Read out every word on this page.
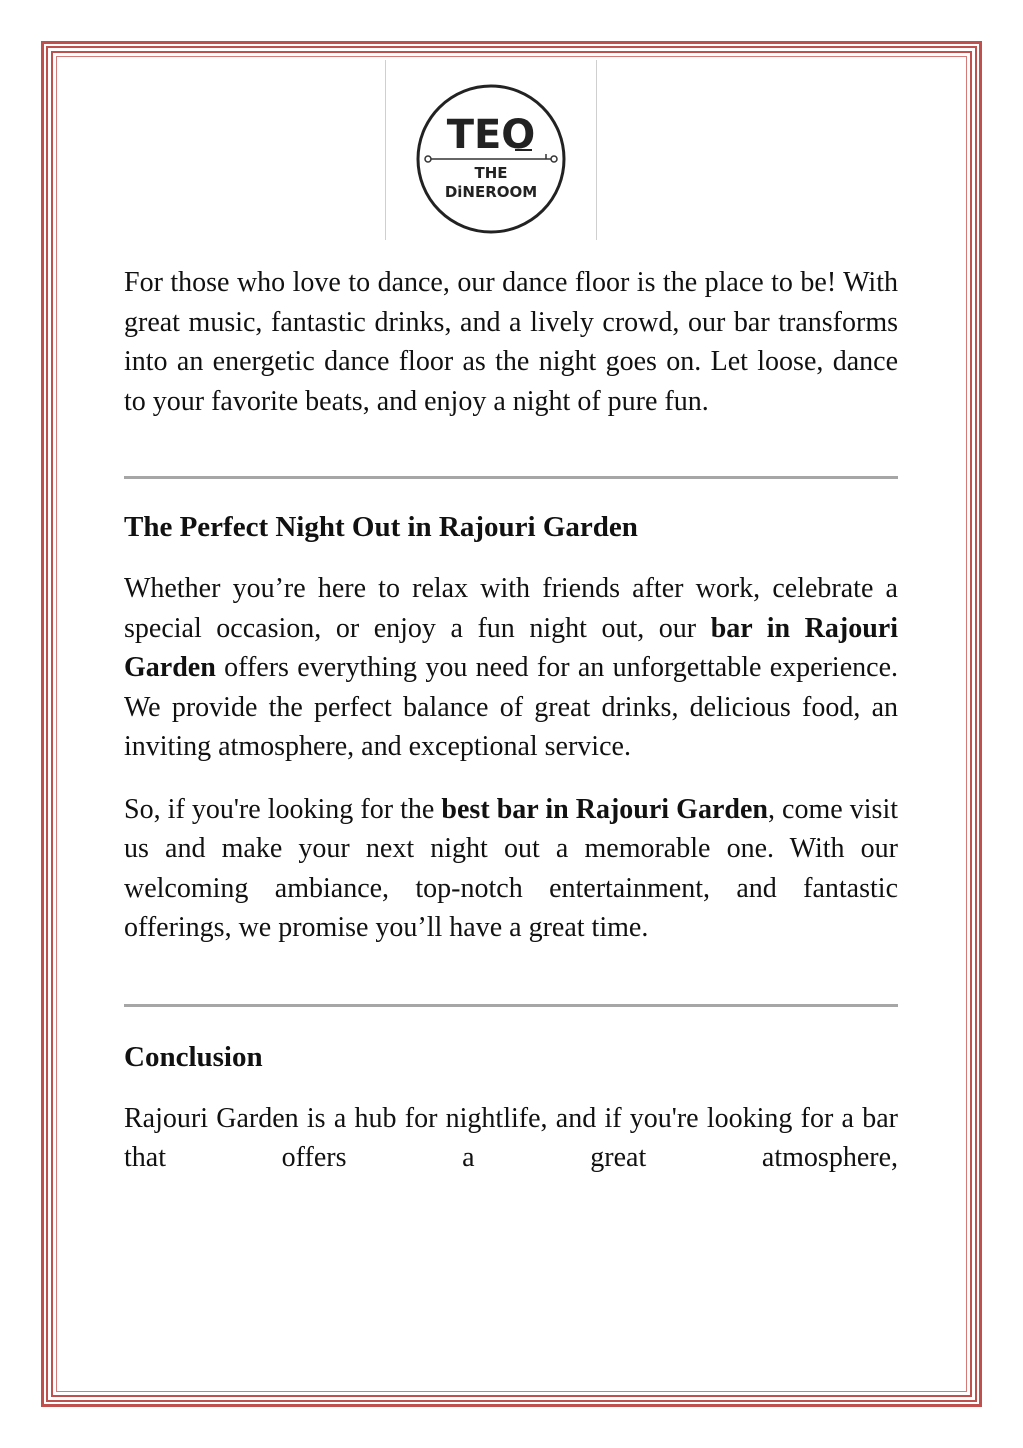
TEO
THE
DiNEROOM

For those who love to dance, our dance floor is the place to be! With great music, fantastic drinks, and a lively crowd, our bar transforms into an energetic dance floor as the night goes on. Let loose, dance to your favorite beats, and enjoy a night of pure fun.

The Perfect Night Out in Rajouri Garden

Whether you’re here to relax with friends after work, celebrate a special occasion, or enjoy a fun night out, our bar in Rajouri Garden offers everything you need for an unforgettable experience. We provide the perfect balance of great drinks, delicious food, an inviting atmosphere, and exceptional service.

So, if you're looking for the best bar in Rajouri Garden, come visit us and make your next night out a memorable one. With our welcoming ambiance, top-notch entertainment, and fantastic offerings, we promise you’ll have a great time.

Conclusion

Rajouri Garden is a hub for nightlife, and if you're looking for a bar that offers a great atmosphere,
